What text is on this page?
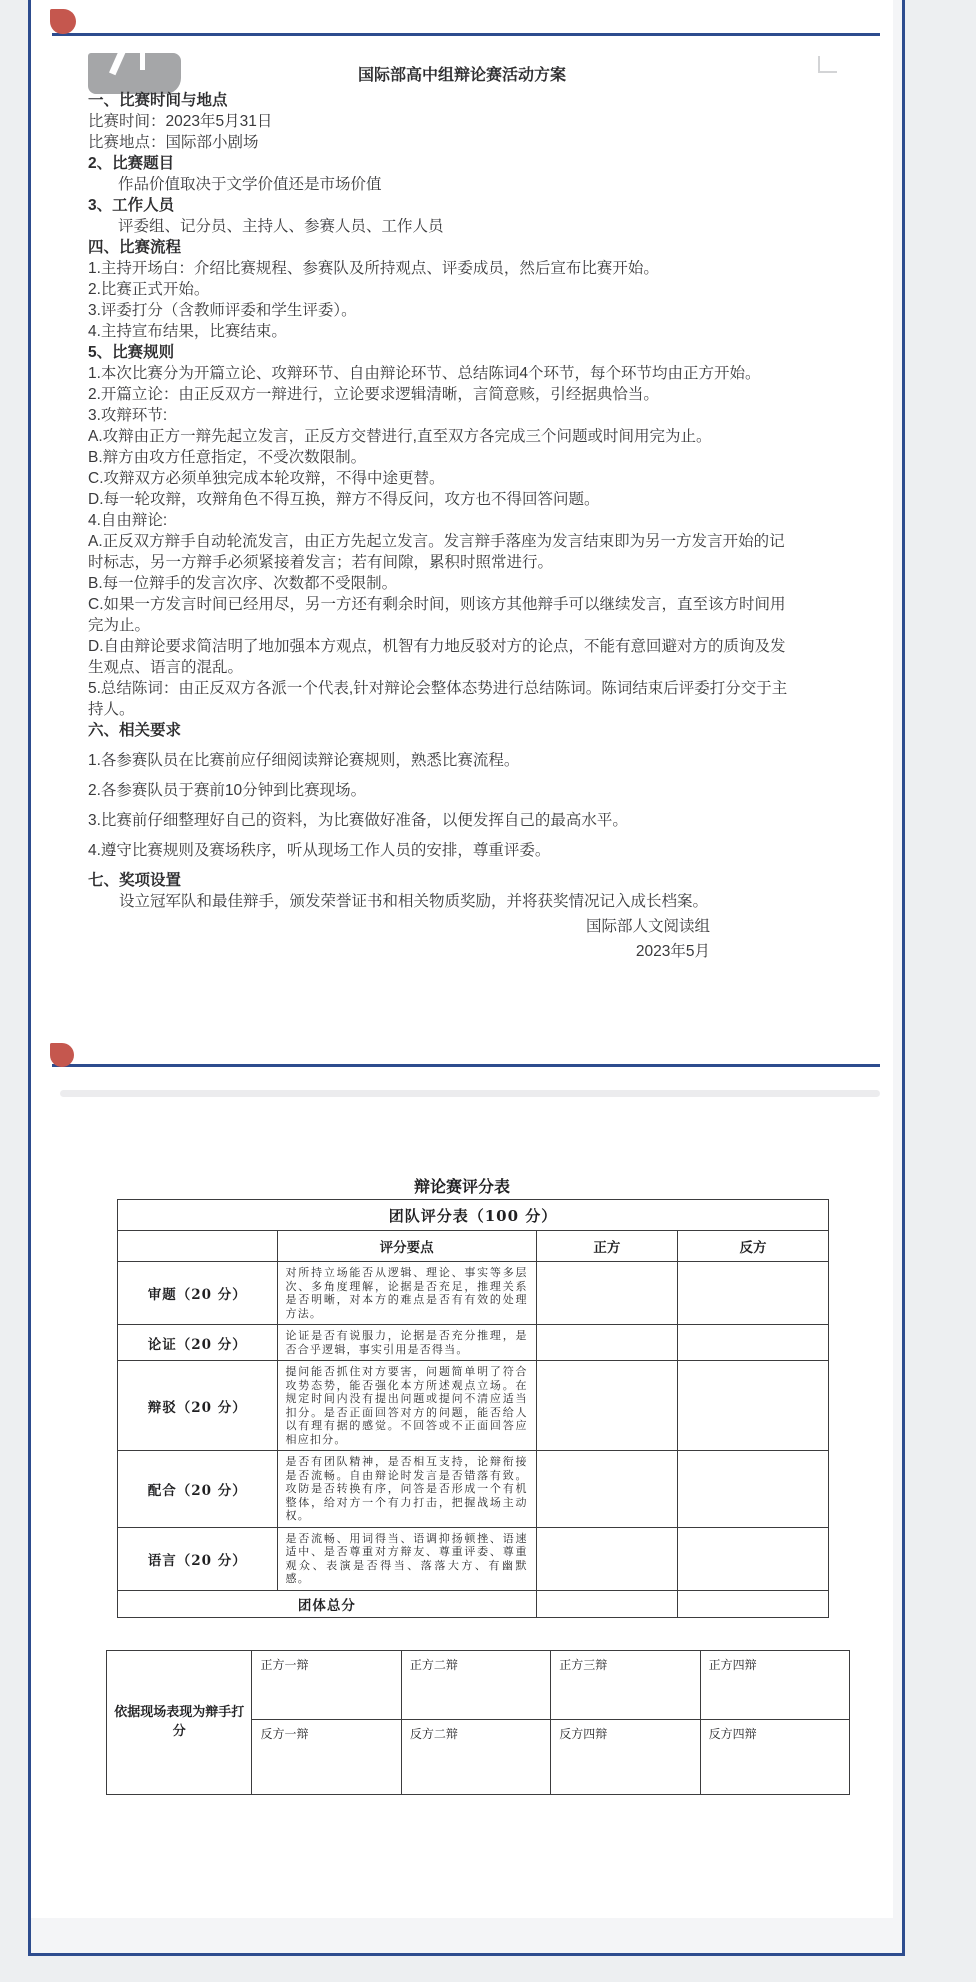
国际部高中组辩论赛活动方案
一、比赛时间与地点
比赛时间：2023年5月31日
比赛地点：国际部小剧场
2、比赛题目
作品价值取决于文学价值还是市场价值
3、工作人员
评委组、记分员、主持人、参赛人员、工作人员
四、比赛流程
1.主持开场白：介绍比赛规程、参赛队及所持观点、评委成员，然后宣布比赛开始。
2.比赛正式开始。
3.评委打分（含教师评委和学生评委）。
4.主持宣布结果，比赛结束。
5、比赛规则
1.本次比赛分为开篇立论、攻辩环节、自由辩论环节、总结陈词4个环节，每个环节均由正方开始。
2.开篇立论：由正反双方一辩进行，立论要求逻辑清晰，言简意赅，引经据典恰当。
3.攻辩环节:
A.攻辩由正方一辩先起立发言，正反方交替进行,直至双方各完成三个问题或时间用完为止。
B.辩方由攻方任意指定，不受次数限制。
C.攻辩双方必须单独完成本轮攻辩，不得中途更替。
D.每一轮攻辩，攻辩角色不得互换，辩方不得反问，攻方也不得回答问题。
4.自由辩论:
A.正反双方辩手自动轮流发言，由正方先起立发言。发言辩手落座为发言结束即为另一方发言开始的记时标志，另一方辩手必须紧接着发言；若有间隙，累积时照常进行。
B.每一位辩手的发言次序、次数都不受限制。
C.如果一方发言时间已经用尽，另一方还有剩余时间，则该方其他辩手可以继续发言，直至该方时间用完为止。
D.自由辩论要求简洁明了地加强本方观点，机智有力地反驳对方的论点，不能有意回避对方的质询及发生观点、语言的混乱。
5.总结陈词：由正反双方各派一个代表,针对辩论会整体态势进行总结陈词。陈词结束后评委打分交于主持人。
六、相关要求
1.各参赛队员在比赛前应仔细阅读辩论赛规则，熟悉比赛流程。
2.各参赛队员于赛前10分钟到比赛现场。
3.比赛前仔细整理好自己的资料，为比赛做好准备，以便发挥自己的最高水平。
4.遵守比赛规则及赛场秩序，听从现场工作人员的安排，尊重评委。
七、奖项设置
设立冠军队和最佳辩手，颁发荣誉证书和相关物质奖励，并将获奖情况记入成长档案。
国际部人文阅读组
2023年5月
辩论赛评分表
团队评分表（100 分）			
	评分要点	正方	反方
审题（20 分）	对所持立场能否从逻辑、理论、事实等多层次、多角度理解，论据是否充足，推理关系是否明晰，对本方的难点是否有有效的处理方法。		
论证（20 分）	论证是否有说服力，论据是否充分推理，是否合乎逻辑，事实引用是否得当。		
辩驳（20 分）	提问能否抓住对方要害，问题简单明了符合攻势态势，能否强化本方所述观点立场。在规定时间内没有提出问题或提问不清应适当扣分。是否正面回答对方的问题，能否给人以有理有据的感觉。不回答或不正面回答应相应扣分。		
配合（20 分）	是否有团队精神，是否相互支持，论辩衔接是否流畅。自由辩论时发言是否错落有致。攻防是否转换有序，问答是否形成一个有机整体，给对方一个有力打击，把握战场主动权。		
语言（20 分）	是否流畅、用词得当、语调抑扬顿挫、语速适中、是否尊重对方辩友、尊重评委、尊重观众、表演是否得当、落落大方、有幽默感。		
团体总分			
依据现场表现为辩手打分	正方一辩	正方二辩	正方三辩	正方四辩
	反方一辩	反方二辩	反方四辩	反方四辩
